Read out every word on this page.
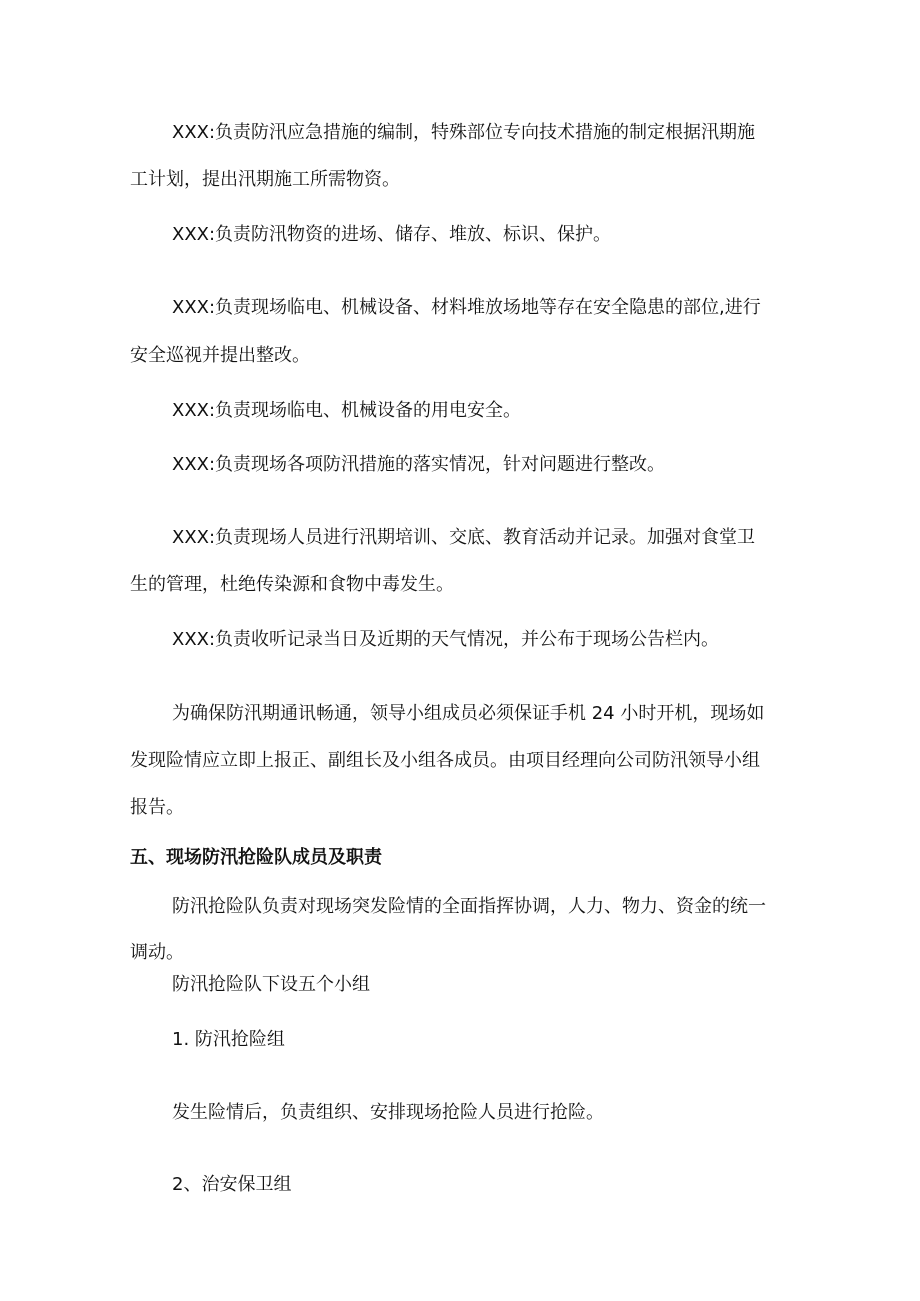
XXX:负责防汛应急措施的编制，特殊部位专向技术措施的制定根据汛期施
工计划，提出汛期施工所需物资。
XXX:负责防汛物资的进场、储存、堆放、标识、保护。
XXX:负责现场临电、机械设备、材料堆放场地等存在安全隐患的部位,进行
安全巡视并提出整改。
XXX:负责现场临电、机械设备的用电安全。
XXX:负责现场各项防汛措施的落实情况，针对问题进行整改。
XXX:负责现场人员进行汛期培训、交底、教育活动并记录。加强对食堂卫
生的管理，杜绝传染源和食物中毒发生。
XXX:负责收听记录当日及近期的天气情况，并公布于现场公告栏内。
为确保防汛期通讯畅通，领导小组成员必须保证手机 24 小时开机，现场如
发现险情应立即上报正、副组长及小组各成员。由项目经理向公司防汛领导小组
报告。
五、现场防汛抢险队成员及职责
防汛抢险队负责对现场突发险情的全面指挥协调，人力、物力、资金的统一
调动。
防汛抢险队下设五个小组
1. 防汛抢险组
发生险情后，负责组织、安排现场抢险人员进行抢险。
2、治安保卫组
